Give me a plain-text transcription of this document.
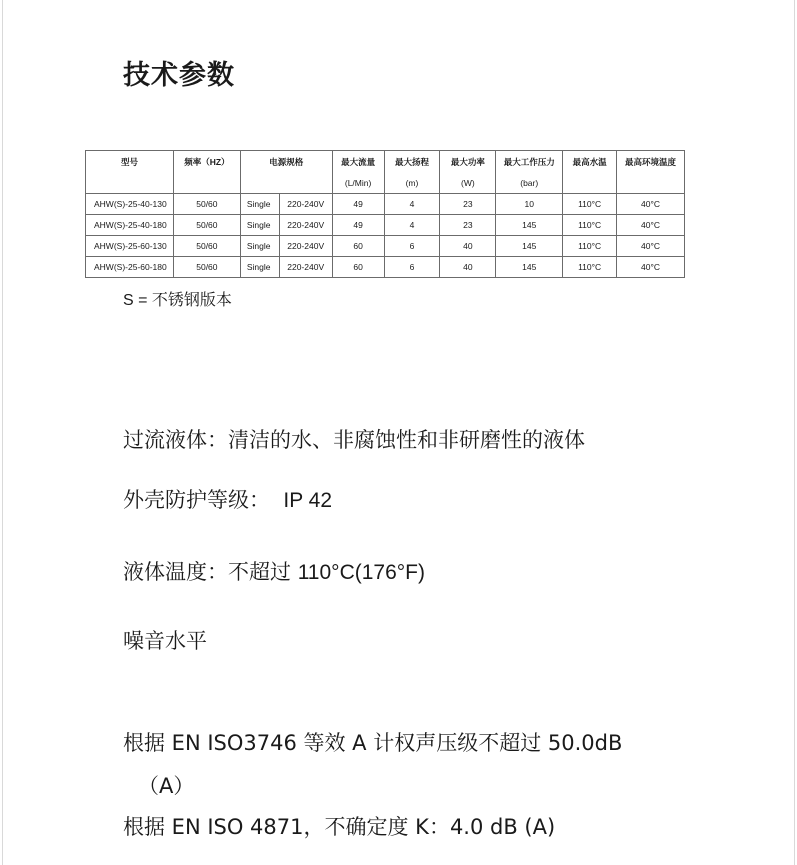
技术参数
型号	频率（HZ）	电源规格		最大流量	最大扬程	最大功率	最大工作压力	最高水温	最高环境温度
				(L/Min)	(m)	(W)	(bar)		
AHW(S)-25-40-130	50/60	Single	220-240V	49	4	23	10	110°C	40°C
AHW(S)-25-40-180	50/60	Single	220-240V	49	4	23	145	110°C	40°C
AHW(S)-25-60-130	50/60	Single	220-240V	60	6	40	145	110°C	40°C
AHW(S)-25-60-180	50/60	Single	220-240V	60	6	40	145	110°C	40°C

S = 不锈钢版本

过流液体：清洁的水、非腐蚀性和非研磨性的液体

外壳防护等级： IP 42

液体温度：不超过 110°C(176°F)

噪音水平

根据 EN ISO3746 等效 A 计权声压级不超过 50.0dB

（A）

根据 EN ISO 4871，不确定度 K：4.0 dB (A)
